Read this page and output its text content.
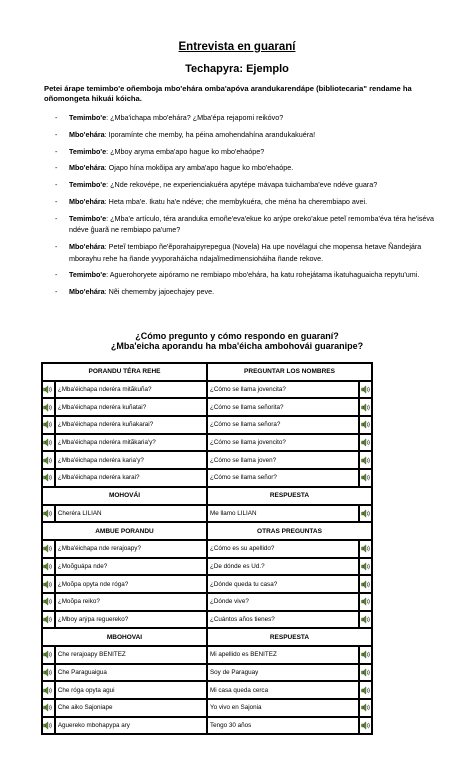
Entrevista en guaraní
Techapyra: Ejemplo
Petei árape temimbo'e oñemboja mbo'ehára omba'apóva arandukarendápe (bibliotecaria" rendame ha oñomongeta hikuái kóicha.
- Temimbo'e: ¿Mba'ichapa mbo'ehára? ¿Mba'épa rejapomi reikóvo?
- Mbo'ehára: Iporamínte che memby, ha péina amohendahína arandukakuéra!
- Temimbo'e: ¿Mboy aryma emba'apo hague ko mbo'ehaópe?
- Mbo'ehára: Ojapo hína mokõipa ary amba'apo hague ko mbo'ehaópe.
- Temimbo'e: ¿Nde rekovépe, ne experienciakuéra apytépe mávapa tuichamba'eve ndéve guara?
- Mbo'ehára: Heta mba'e. Ikatu ha'e ndéve; che membykuéra, che ména ha cherembiapo avei.
- Temimbo'e: ¿Mba'e artículo, téra aranduka emoñe'eva'ekue ko arýpe oreko'akue peteĩ remomba'éva téra he'iséva ndéve ĝuarã ne rembiapo pa'ume?
- Mbo'ehára: Peteĩ tembiapo ñe'ẽporahaipyrepegua (Novela) Ha upe novélagui che mopensa hetave Ñandejára mborayhu rehe ha ñande yvyporaháicha ndajaĩmedimensioháiha ñande rekove.
- Temimbo'e: Aguerohoryete aipóramo ne rembiapo mbo'ehára, ha katu rohejátama ikatuhaguaicha repytu'umi.
- Mbo'ehára: Nẽi chememby jajoechajey peve.
¿Cómo pregunto y cómo respondo en guaraní?
¿Mba'eicha aporandu ha mba'éicha ambohovái guaranipe?
PORANDU TÉRA REHE		PREGUNTAR LOS NOMBRES	
	¿Mba'éichapa nderéra mitãkuña?	¿Cómo se llama jovencita?	
	¿Mba'éichapa nderéra kuñatai?	¿Cómo se llama señorita?	
	¿Mba'éichapa nderéra kuñakarai?	¿Cómo se llama señora?	
	¿Mba'éichapa nderéra mitãkaria'y?	¿Cómo se llama jovencito?	
	¿Mba'éichapa nderéra karia'y?	¿Cómo se llama joven?	
	¿Mba'éichapa nderéra karai?	¿Cómo se llama señor?	
MOHOVÁI		RESPUESTA	
	Cheréra LILIAN	Me llamo LILIAN	
AMBUE PORANDU		OTRAS PREGUNTAS	
	¿Mba'éichapa nde rerajoapy?	¿Cómo es su apellido?	
	¿Moõguápa nde?	¿De dónde es Ud.?	
	¿Moõpa opyta nde róga?	¿Dónde queda tu casa?	
	¿Moõpa reiko?	¿Dónde vive?	
	¿Mboy arýpa reguereko?	¿Cuántos años tienes?	
MBOHOVAI		RESPUESTA	
	Che rerajoapy BENITEZ	Mi apellido es BENITEZ	
	Che Paraguaigua	Soy de Paraguay	
	Che róga opyta agui	Mi casa queda cerca	
	Che aiko Sajoniape	Yo vivo en Sajonia	
	Aguereko mbohapypa ary	Tengo 30 años	
